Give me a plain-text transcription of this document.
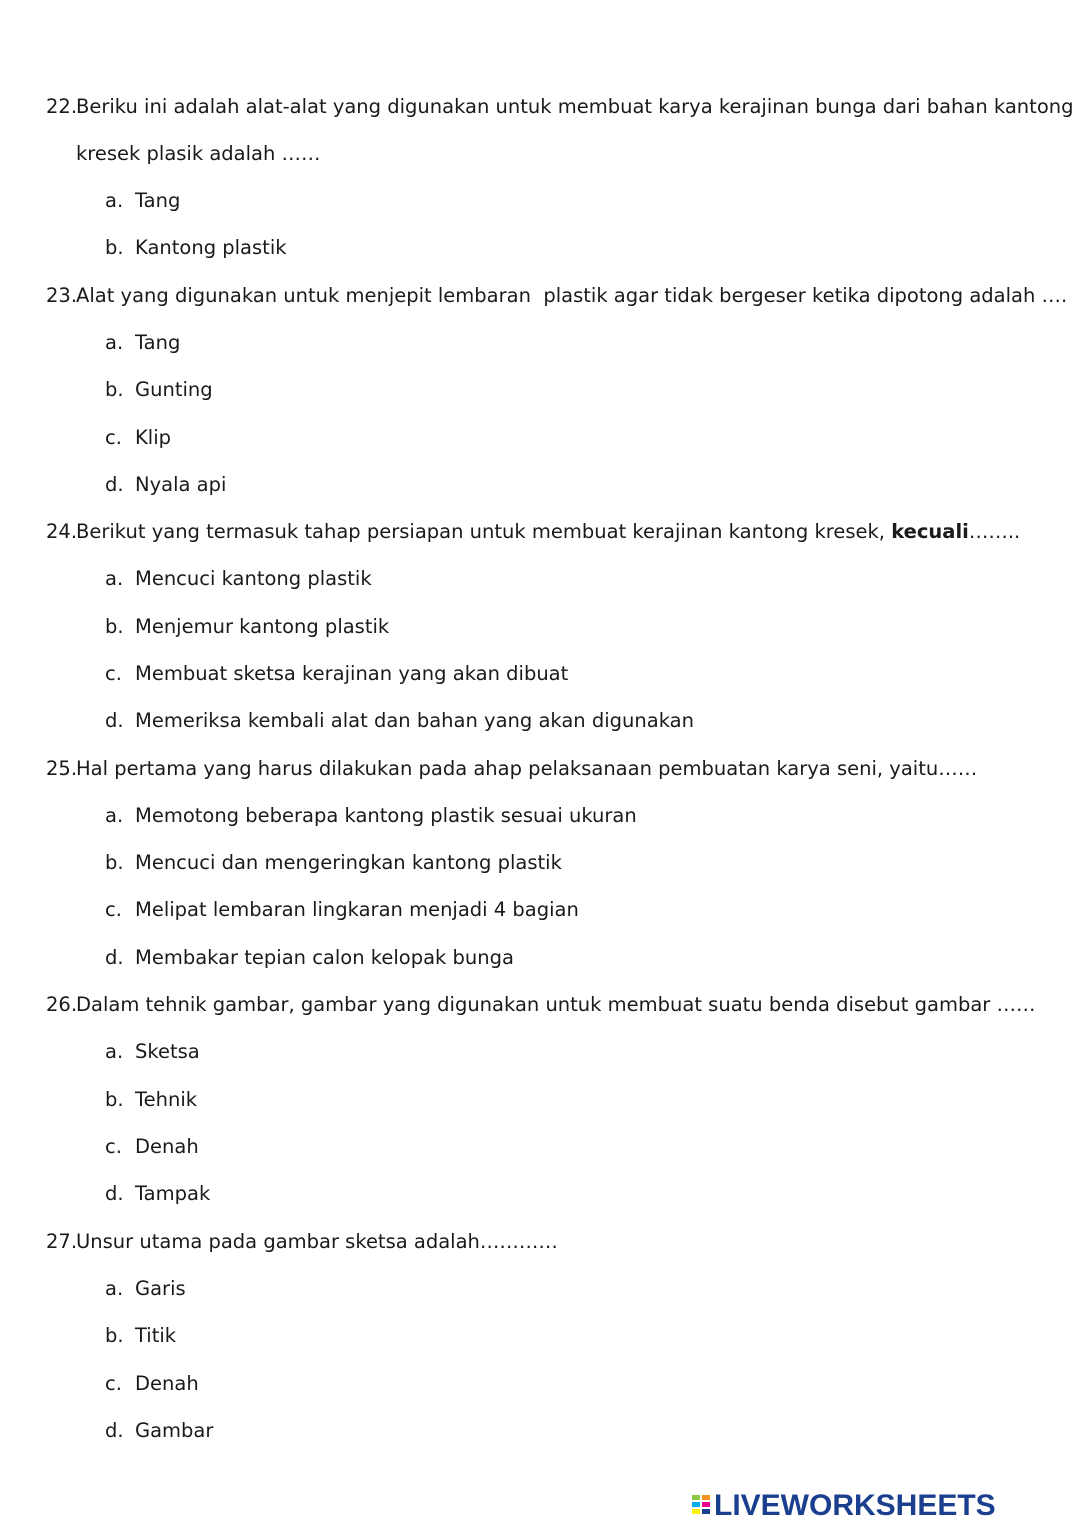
22.
Beriku ini adalah alat-alat yang digunakan untuk membuat karya kerajinan bunga dari bahan kantong
kresek plasik adalah ……
a. Tang
b. Kantong plastik
23.
Alat yang digunakan untuk menjepit lembaran  plastik agar tidak bergeser ketika dipotong adalah ….
a. Tang
b. Gunting
c. Klip
d. Nyala api
24.
Berikut yang termasuk tahap persiapan untuk membuat kerajinan kantong kresek, kecuali……..
a. Mencuci kantong plastik
b. Menjemur kantong plastik
c. Membuat sketsa kerajinan yang akan dibuat
d. Memeriksa kembali alat dan bahan yang akan digunakan
25.
Hal pertama yang harus dilakukan pada ahap pelaksanaan pembuatan karya seni, yaitu……
a. Memotong beberapa kantong plastik sesuai ukuran
b. Mencuci dan mengeringkan kantong plastik
c. Melipat lembaran lingkaran menjadi 4 bagian
d. Membakar tepian calon kelopak bunga
26.
Dalam tehnik gambar, gambar yang digunakan untuk membuat suatu benda disebut gambar ……
a. Sketsa
b. Tehnik
c. Denah
d. Tampak
27.
Unsur utama pada gambar sketsa adalah…………
a. Garis
b. Titik
c. Denah
d. Gambar
LIVEWORKSHEETS
